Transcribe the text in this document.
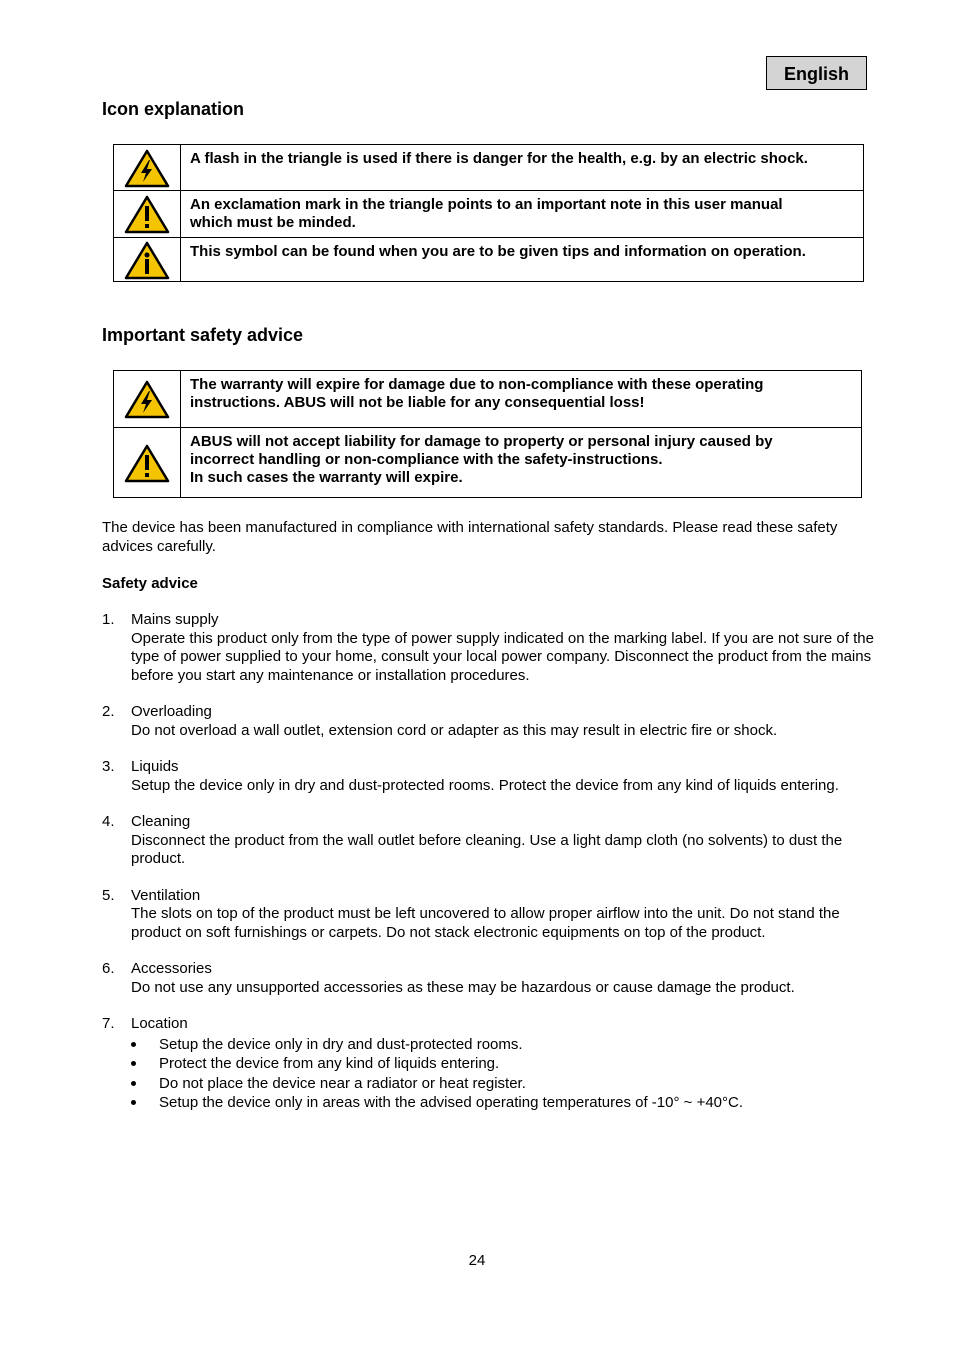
English
Icon explanation
	A flash in the triangle is used if there is danger for the health, e.g. by an electric shock.

	An exclamation mark in the triangle points to an important note in this user manual
which must be minded.

	This symbol can be found when you are to be given tips and information on operation.
Important safety advice
	The warranty will expire for damage due to non-compliance with these operating
instructions. ABUS will not be liable for any consequential loss!

	ABUS will not accept liability for damage to property or personal injury caused by
incorrect handling or non-compliance with the safety-instructions.
In such cases the warranty will expire.

The device has been manufactured in compliance with international safety standards. Please read these safety advices carefully.

Safety advice
1. Mains supply
Operate this product only from the type of power supply indicated on the marking label. If you are not sure of the type of power supplied to your home, consult your local power company. Disconnect the product from the mains before you start any maintenance or installation procedures.
2. Overloading
Do not overload a wall outlet, extension cord or adapter as this may result in electric fire or shock.
3. Liquids
Setup the device only in dry and dust-protected rooms. Protect the device from any kind of liquids entering.
4. Cleaning
Disconnect the product from the wall outlet before cleaning. Use a light damp cloth (no solvents) to dust the product.
5. Ventilation
The slots on top of the product must be left uncovered to allow proper airflow into the unit. Do not stand the product on soft furnishings or carpets. Do not stack electronic equipments on top of the product.
6. Accessories
Do not use any unsupported accessories as these may be hazardous or cause damage the product.
7. Location
Setup the device only in dry and dust-protected rooms.
Protect the device from any kind of liquids entering.
Do not place the device near a radiator or heat register.
Setup the device only in areas with the advised operating temperatures of -10° ~ +40°C.
24
